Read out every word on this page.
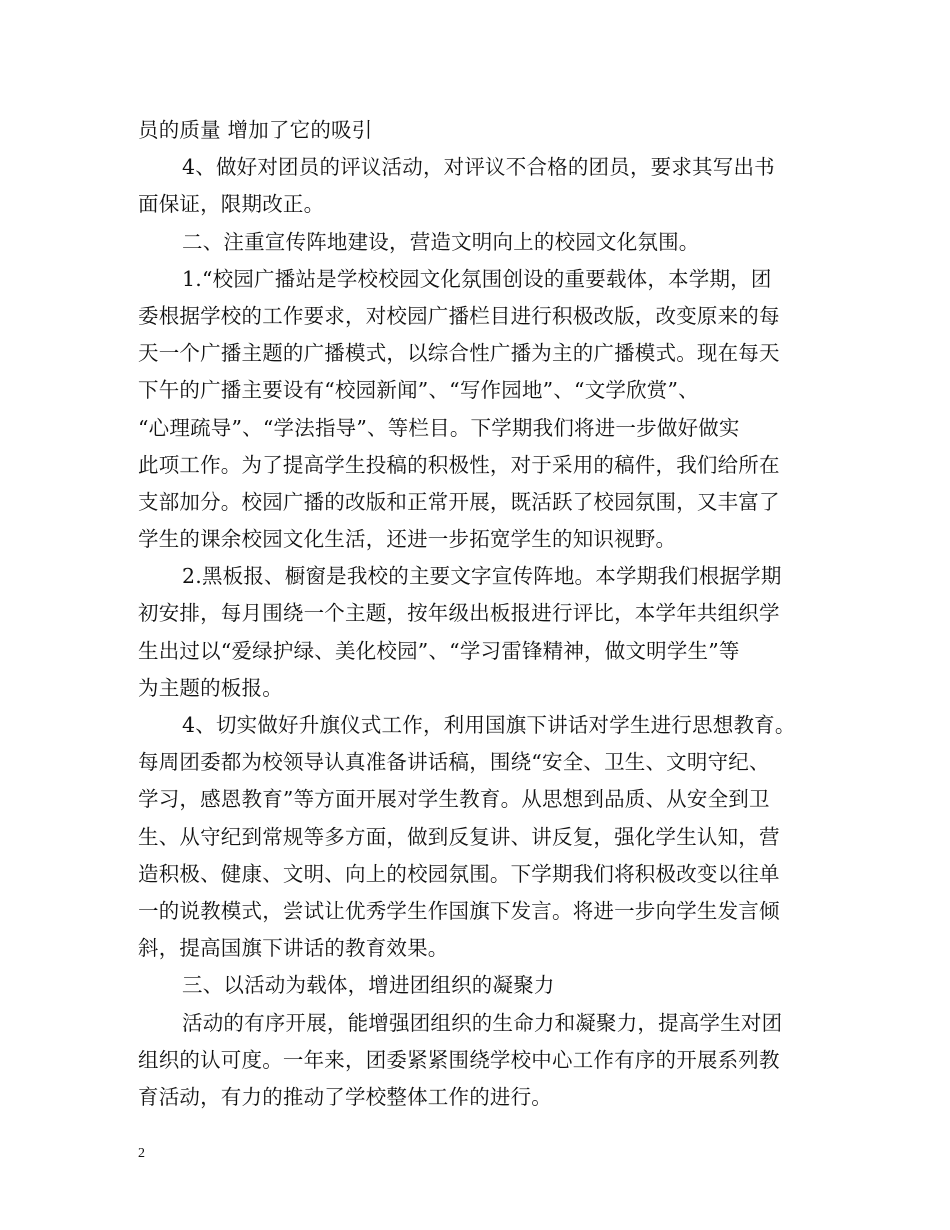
员的质量 增加了它的吸引
4、做好对团员的评议活动，对评议不合格的团员，要求其写出书
面保证，限期改正。
二、注重宣传阵地建设，营造文明向上的校园文化氛围。
1.“校园广播站是学校校园文化氛围创设的重要载体，本学期，团
委根据学校的工作要求，对校园广播栏目进行积极改版，改变原来的每
天一个广播主题的广播模式，以综合性广播为主的广播模式。现在每天
下午的广播主要设有“校园新闻”、“写作园地”、“文学欣赏”、
“心理疏导”、“学法指导”、等栏目。下学期我们将进一步做好做实
此项工作。为了提高学生投稿的积极性，对于采用的稿件，我们给所在
支部加分。校园广播的改版和正常开展，既活跃了校园氛围，又丰富了
学生的课余校园文化生活，还进一步拓宽学生的知识视野。
2.黑板报、橱窗是我校的主要文字宣传阵地。本学期我们根据学期
初安排，每月围绕一个主题，按年级出板报进行评比，本学年共组织学
生出过以“爱绿护绿、美化校园”、“学习雷锋精神，做文明学生”等
为主题的板报。
4、切实做好升旗仪式工作，利用国旗下讲话对学生进行思想教育。
每周团委都为校领导认真准备讲话稿，围绕“安全、卫生、文明守纪、
学习，感恩教育”等方面开展对学生教育。从思想到品质、从安全到卫
生、从守纪到常规等多方面，做到反复讲、讲反复，强化学生认知，营
造积极、健康、文明、向上的校园氛围。下学期我们将积极改变以往单
一的说教模式，尝试让优秀学生作国旗下发言。将进一步向学生发言倾
斜，提高国旗下讲话的教育效果。
三、以活动为载体，增进团组织的凝聚力
活动的有序开展，能增强团组织的生命力和凝聚力，提高学生对团
组织的认可度。一年来，团委紧紧围绕学校中心工作有序的开展系列教
育活动，有力的推动了学校整体工作的进行。
2
